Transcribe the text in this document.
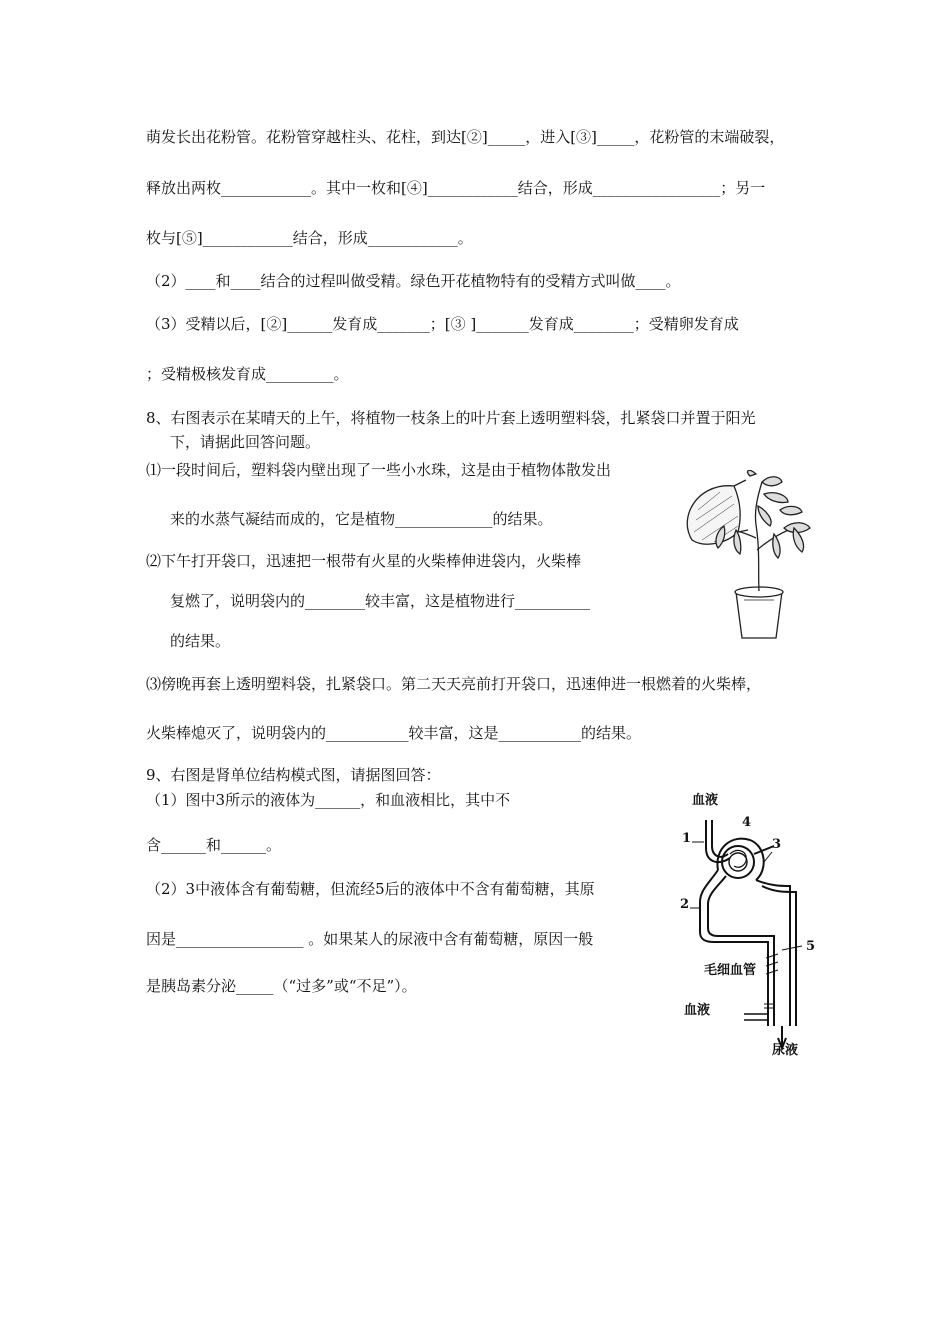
萌发长出花粉管。花粉管穿越柱头、花柱，到达[②]_____，进入[③]_____，花粉管的末端破裂，
释放出两枚____________。其中一枚和[④]____________结合，形成_________________；另一
枚与[⑤]____________结合，形成____________。
（2）____和____结合的过程叫做受精。绿色开花植物特有的受精方式叫做____。
（3）受精以后，[②]______发育成_______；[③ ]_______发育成________；受精卵发育成
；受精极核发育成_________。
8、右图表示在某晴天的上午，将植物一枝条上的叶片套上透明塑料袋，扎紧袋口并置于阳光
下，请据此回答问题。
⑴一段时间后，塑料袋内壁出现了一些小水珠，这是由于植物体散发出
来的水蒸气凝结而成的，它是植物_____________的结果。
⑵下午打开袋口，迅速把一根带有火星的火柴棒伸进袋内，火柴棒
复燃了，说明袋内的________较丰富，这是植物进行__________
的结果。
⑶傍晚再套上透明塑料袋，扎紧袋口。第二天天亮前打开袋口，迅速伸进一根燃着的火柴棒，
火柴棒熄灭了，说明袋内的___________较丰富，这是___________的结果。
9、右图是肾单位结构模式图，请据图回答：
（1）图中3所示的液体为______，和血液相比，其中不
含______和______。
（2）3中液体含有葡萄糖，但流经5后的液体中不含有葡萄糖，其原
因是_________________ 。如果某人的尿液中含有葡萄糖，原因一般
是胰岛素分泌_____（“过多”或“不足”）。
血液
1
2
3
4
5
毛细血管
血液
尿液
